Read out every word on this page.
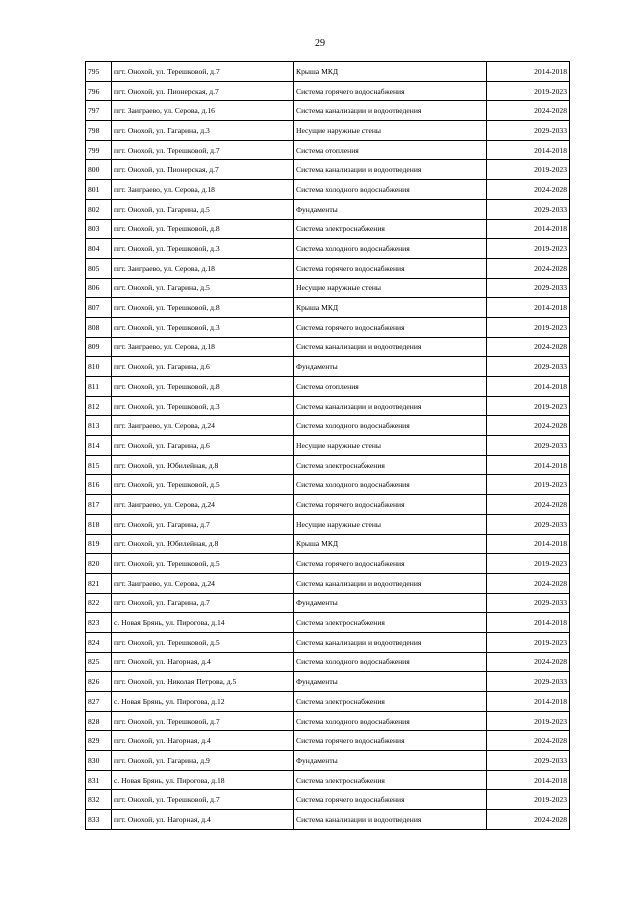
29
795	пгт. Онохой, ул. Терешковой, д.7	Крыша МКД	2014-2018
796	пгт. Онохой, ул. Пионерская, д.7	Система горячего водоснабжения	2019-2023
797	пгт. Заиграево, ул. Серова, д.16	Система канализации и водоотведения	2024-2028
798	пгт. Онохой, ул. Гагарина, д.3	Несущие наружные стены	2029-2033
799	пгт. Онохой, ул. Терешковой, д.7	Система отопления	2014-2018
800	пгт. Онохой, ул. Пионерская, д.7	Система канализации и водоотведения	2019-2023
801	пгт. Заиграево, ул. Серова, д.18	Система холодного водоснабжения	2024-2028
802	пгт. Онохой, ул. Гагарина, д.5	Фундаменты	2029-2033
803	пгт. Онохой, ул. Терешковой, д.8	Система электроснабжения	2014-2018
804	пгт. Онохой, ул. Терешковой, д.3	Система холодного водоснабжения	2019-2023
805	пгт. Заиграево, ул. Серова, д.18	Система горячего водоснабжения	2024-2028
806	пгт. Онохой, ул. Гагарина, д.5	Несущие наружные стены	2029-2033
807	пгт. Онохой, ул. Терешковой, д.8	Крыша МКД	2014-2018
808	пгт. Онохой, ул. Терешковой, д.3	Система горячего водоснабжения	2019-2023
809	пгт. Заиграево, ул. Серова, д.18	Система канализации и водоотведения	2024-2028
810	пгт. Онохой, ул. Гагарина, д.6	Фундаменты	2029-2033
811	пгт. Онохой, ул. Терешковой, д.8	Система отопления	2014-2018
812	пгт. Онохой, ул. Терешковой, д.3	Система канализации и водоотведения	2019-2023
813	пгт. Заиграево, ул. Серова, д.24	Система холодного водоснабжения	2024-2028
814	пгт. Онохой, ул. Гагарина, д.6	Несущие наружные стены	2029-2033
815	пгт. Онохой, ул. Юбилейная, д.8	Система электроснабжения	2014-2018
816	пгт. Онохой, ул. Терешковой, д.5	Система холодного водоснабжения	2019-2023
817	пгт. Заиграево, ул. Серова, д.24	Система горячего водоснабжения	2024-2028
818	пгт. Онохой, ул. Гагарина, д.7	Несущие наружные стены	2029-2033
819	пгт. Онохой, ул. Юбилейная, д.8	Крыша МКД	2014-2018
820	пгт. Онохой, ул. Терешковой, д.5	Система горячего водоснабжения	2019-2023
821	пгт. Заиграево, ул. Серова, д.24	Система канализации и водоотведения	2024-2028
822	пгт. Онохой, ул. Гагарина, д.7	Фундаменты	2029-2033
823	с. Новая Брянь, ул. Пирогова, д.14	Система электроснабжения	2014-2018
824	пгт. Онохой, ул. Терешковой, д.5	Система канализации и водоотведения	2019-2023
825	пгт. Онохой, ул. Нагорная, д.4	Система холодного водоснабжения	2024-2028
826	пгт. Онохой, ул. Николая Петрова, д.5	Фундаменты	2029-2033
827	с. Новая Брянь, ул. Пирогова, д.12	Система электроснабжения	2014-2018
828	пгт. Онохой, ул. Терешковой, д.7	Система холодного водоснабжения	2019-2023
829	пгт. Онохой, ул. Нагорная, д.4	Система горячего водоснабжения	2024-2028
830	пгт. Онохой, ул. Гагарина, д.9	Фундаменты	2029-2033
831	с. Новая Брянь, ул. Пирогова, д.18	Система электроснабжения	2014-2018
832	пгт. Онохой, ул. Терешковой, д.7	Система горячего водоснабжения	2019-2023
833	пгт. Онохой, ул. Нагорная, д.4	Система канализации и водоотведения	2024-2028
